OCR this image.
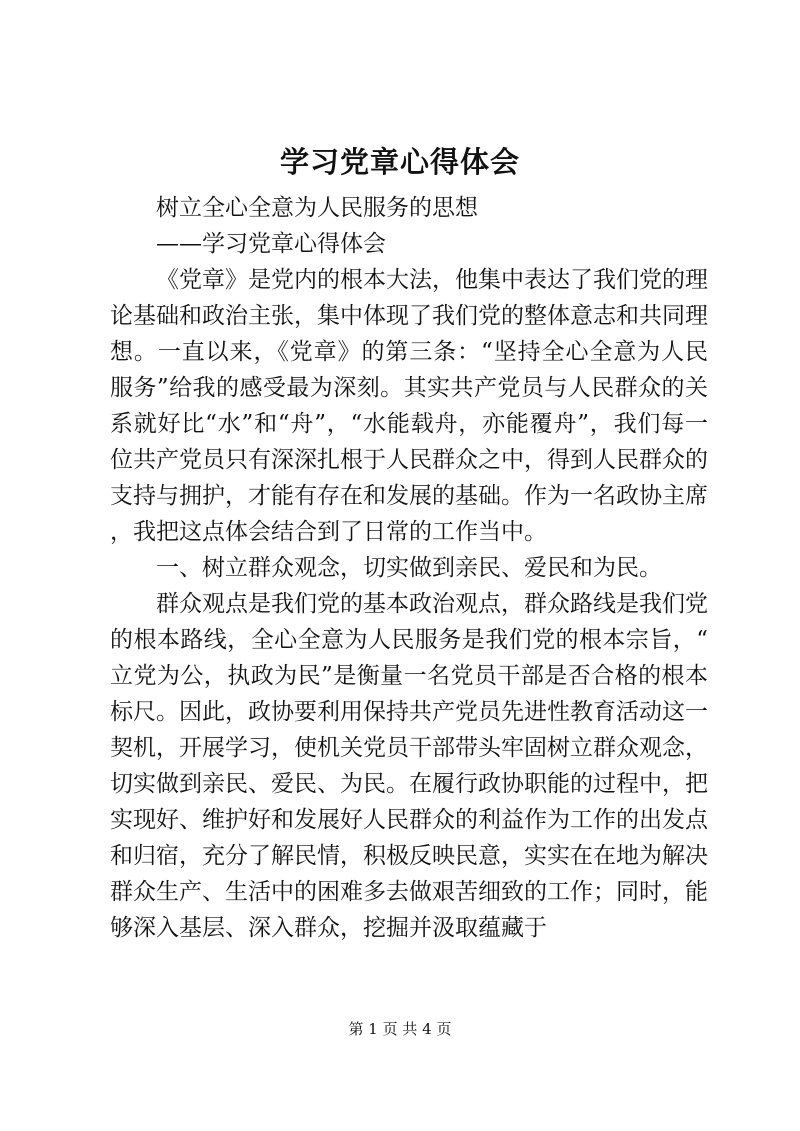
学习党章心得体会

树立全心全意为人民服务的思想

——学习党章心得体会

《党章》是党内的根本大法，他集中表达了我们党的理论基础和政治主张，集中体现了我们党的整体意志和共同理想。一直以来，《党章》的第三条：“坚持全心全意为人民服务”给我的感受最为深刻。其实共产党员与人民群众的关系就好比“水”和“舟”，“水能载舟，亦能覆舟”，我们每一位共产党员只有深深扎根于人民群众之中，得到人民群众的支持与拥护，才能有存在和发展的基础。作为一名政协主席，我把这点体会结合到了日常的工作当中。

一、树立群众观念，切实做到亲民、爱民和为民。

群众观点是我们党的基本政治观点，群众路线是我们党的根本路线，全心全意为人民服务是我们党的根本宗旨，“立党为公，执政为民”是衡量一名党员干部是否合格的根本标尺。因此，政协要利用保持共产党员先进性教育活动这一契机，开展学习，使机关党员干部带头牢固树立群众观念，切实做到亲民、爱民、为民。在履行政协职能的过程中，把实现好、维护好和发展好人民群众的利益作为工作的出发点和归宿，充分了解民情，积极反映民意，实实在在地为解决群众生产、生活中的困难多去做艰苦细致的工作；同时，能够深入基层、深入群众，挖掘并汲取蕴藏于

第 1 页 共 4 页
